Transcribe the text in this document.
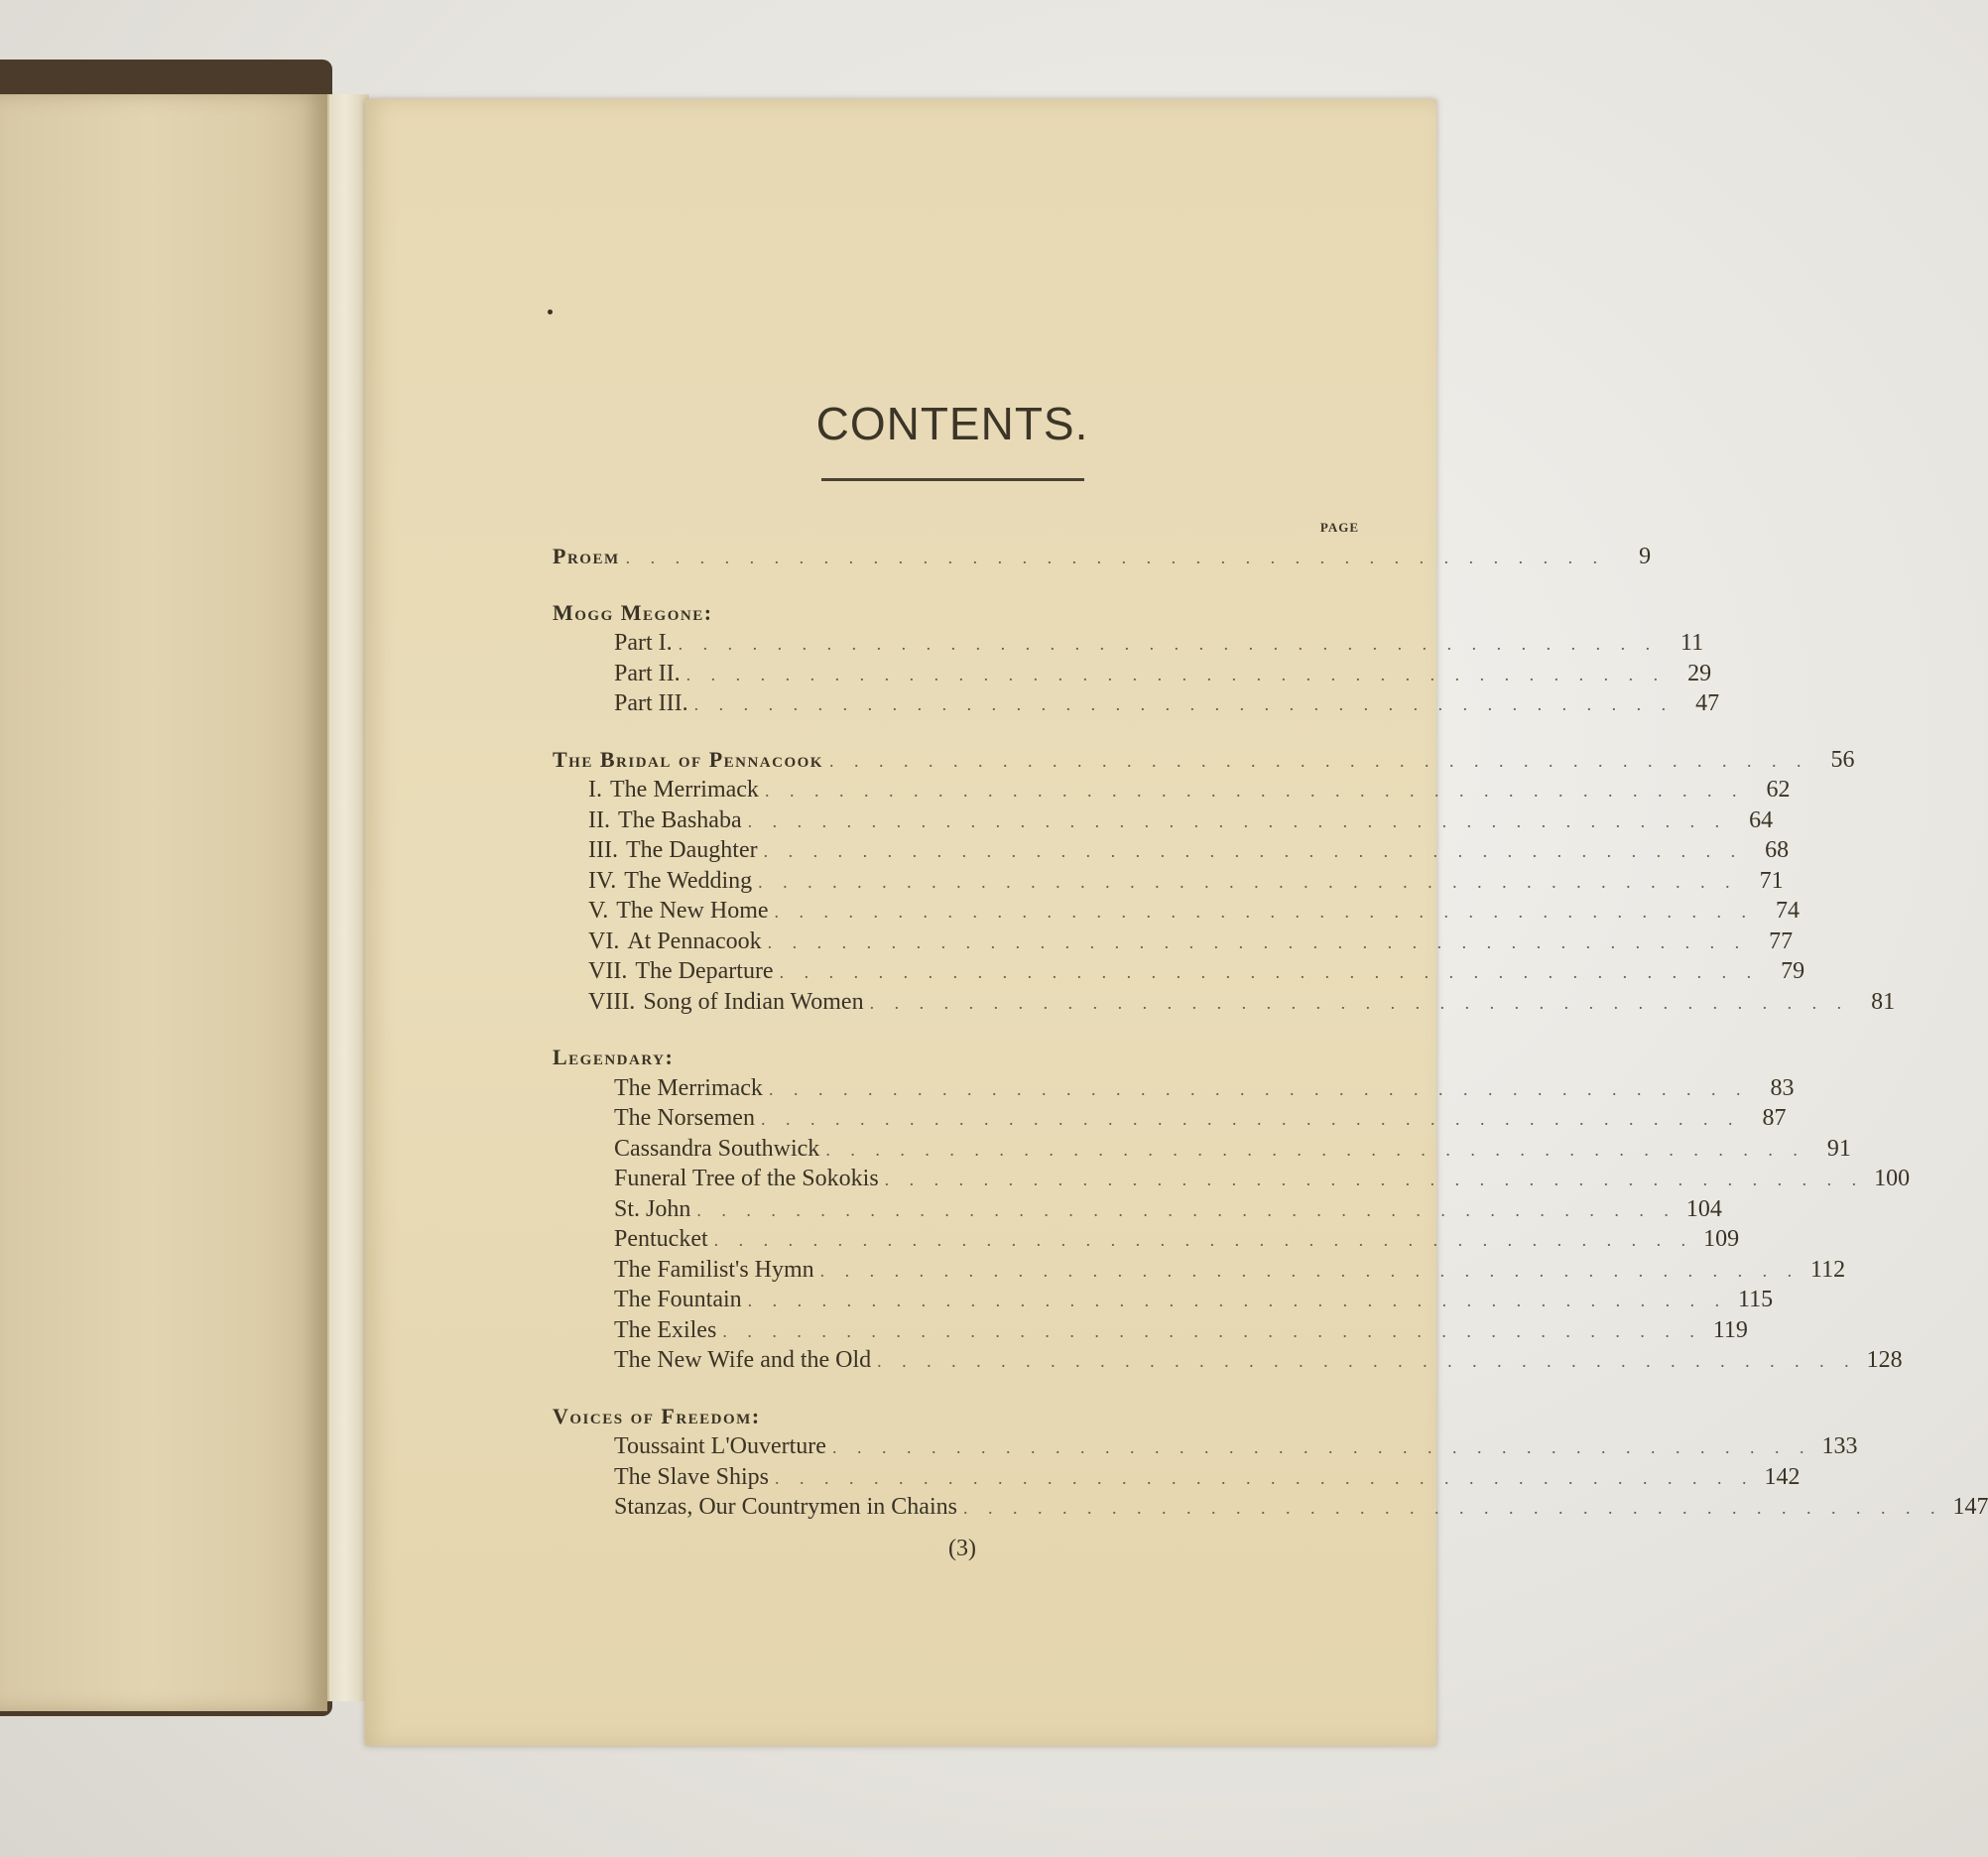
CONTENTS.
PAGE
Proem . . . . . . . . . . . . . . . . . . . . . . . . . . . . . . . . . . . . . . . .	9
Mogg Megone:
Part I. . . . . . . . . . . . . . . . . . . . . . . . . . . . . . . . . . . . . . . . . 11
Part II. . . . . . . . . . . . . . . . . . . . . . . . . . . . . . . . . . . . . . . . . 29
Part III. . . . . . . . . . . . . . . . . . . . . . . . . . . . . . . . . . . . . . . . . 47
The Bridal of Pennacook . . . . . . . . . . . . . . . . . . . . . . . . . . . . . . . . . . . . . . . . 56
I. The Merrimack . . . . . . . . . . . . . . . . . . . . . . . . . . . . . . . . . . . . . . . . 62
II. The Bashaba . . . . . . . . . . . . . . . . . . . . . . . . . . . . . . . . . . . . . . . . 64
III. The Daughter . . . . . . . . . . . . . . . . . . . . . . . . . . . . . . . . . . . . . . . . 68
IV. The Wedding . . . . . . . . . . . . . . . . . . . . . . . . . . . . . . . . . . . . . . . . 71
V. The New Home . . . . . . . . . . . . . . . . . . . . . . . . . . . . . . . . . . . . . . . . 74
VI. At Pennacook . . . . . . . . . . . . . . . . . . . . . . . . . . . . . . . . . . . . . . . . 77
VII. The Departure . . . . . . . . . . . . . . . . . . . . . . . . . . . . . . . . . . . . . . . . 79
VIII. Song of Indian Women . . . . . . . . . . . . . . . . . . . . . . . . . . . . . . . . . . . . . . . . 81
Legendary:
The Merrimack . . . . . . . . . . . . . . . . . . . . . . . . . . . . . . . . . . . . . . . . 83
The Norsemen . . . . . . . . . . . . . . . . . . . . . . . . . . . . . . . . . . . . . . . . 87
Cassandra Southwick . . . . . . . . . . . . . . . . . . . . . . . . . . . . . . . . . . . . . . . . 91
Funeral Tree of the Sokokis . . . . . . . . . . . . . . . . . . . . . . . . . . . . . . . . . . . . . . . . 100
St. John . . . . . . . . . . . . . . . . . . . . . . . . . . . . . . . . . . . . . . . . 104
Pentucket . . . . . . . . . . . . . . . . . . . . . . . . . . . . . . . . . . . . . . . . 109
The Familist's Hymn . . . . . . . . . . . . . . . . . . . . . . . . . . . . . . . . . . . . . . . . 112
The Fountain . . . . . . . . . . . . . . . . . . . . . . . . . . . . . . . . . . . . . . . . 115
The Exiles . . . . . . . . . . . . . . . . . . . . . . . . . . . . . . . . . . . . . . . . 119
The New Wife and the Old . . . . . . . . . . . . . . . . . . . . . . . . . . . . . . . . . . . . . . . . 128
Voices of Freedom:
Toussaint L'Ouverture . . . . . . . . . . . . . . . . . . . . . . . . . . . . . . . . . . . . . . . . 133
The Slave Ships . . . . . . . . . . . . . . . . . . . . . . . . . . . . . . . . . . . . . . . . 142
Stanzas, Our Countrymen in Chains . . . . . . . . . . . . . . . . . . . . . . . . . . . . . . . . . . . . . . . . 147
(3)
